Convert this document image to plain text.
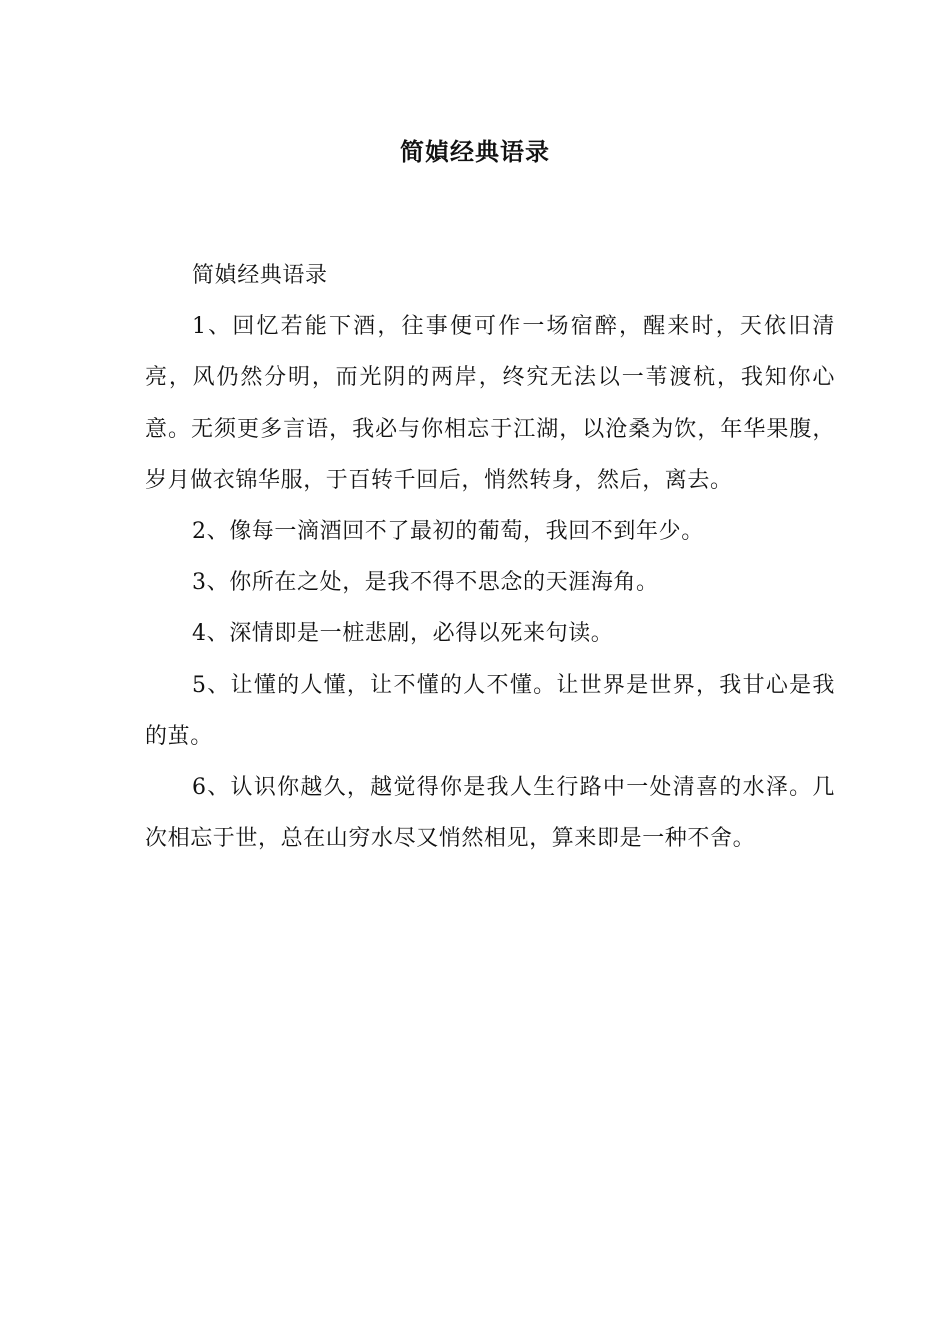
简媜经典语录

简媜经典语录

1、回忆若能下酒，往事便可作一场宿醉，醒来时，天依旧清亮，风仍然分明，而光阴的两岸，终究无法以一苇渡杭，我知你心意。无须更多言语，我必与你相忘于江湖，以沧桑为饮，年华果腹，岁月做衣锦华服，于百转千回后，悄然转身，然后，离去。

2、像每一滴酒回不了最初的葡萄，我回不到年少。

3、你所在之处，是我不得不思念的天涯海角。

4、深情即是一桩悲剧，必得以死来句读。

5、让懂的人懂，让不懂的人不懂。让世界是世界，我甘心是我的茧。

6、认识你越久，越觉得你是我人生行路中一处清喜的水泽。几次相忘于世，总在山穷水尽又悄然相见，算来即是一种不舍。
